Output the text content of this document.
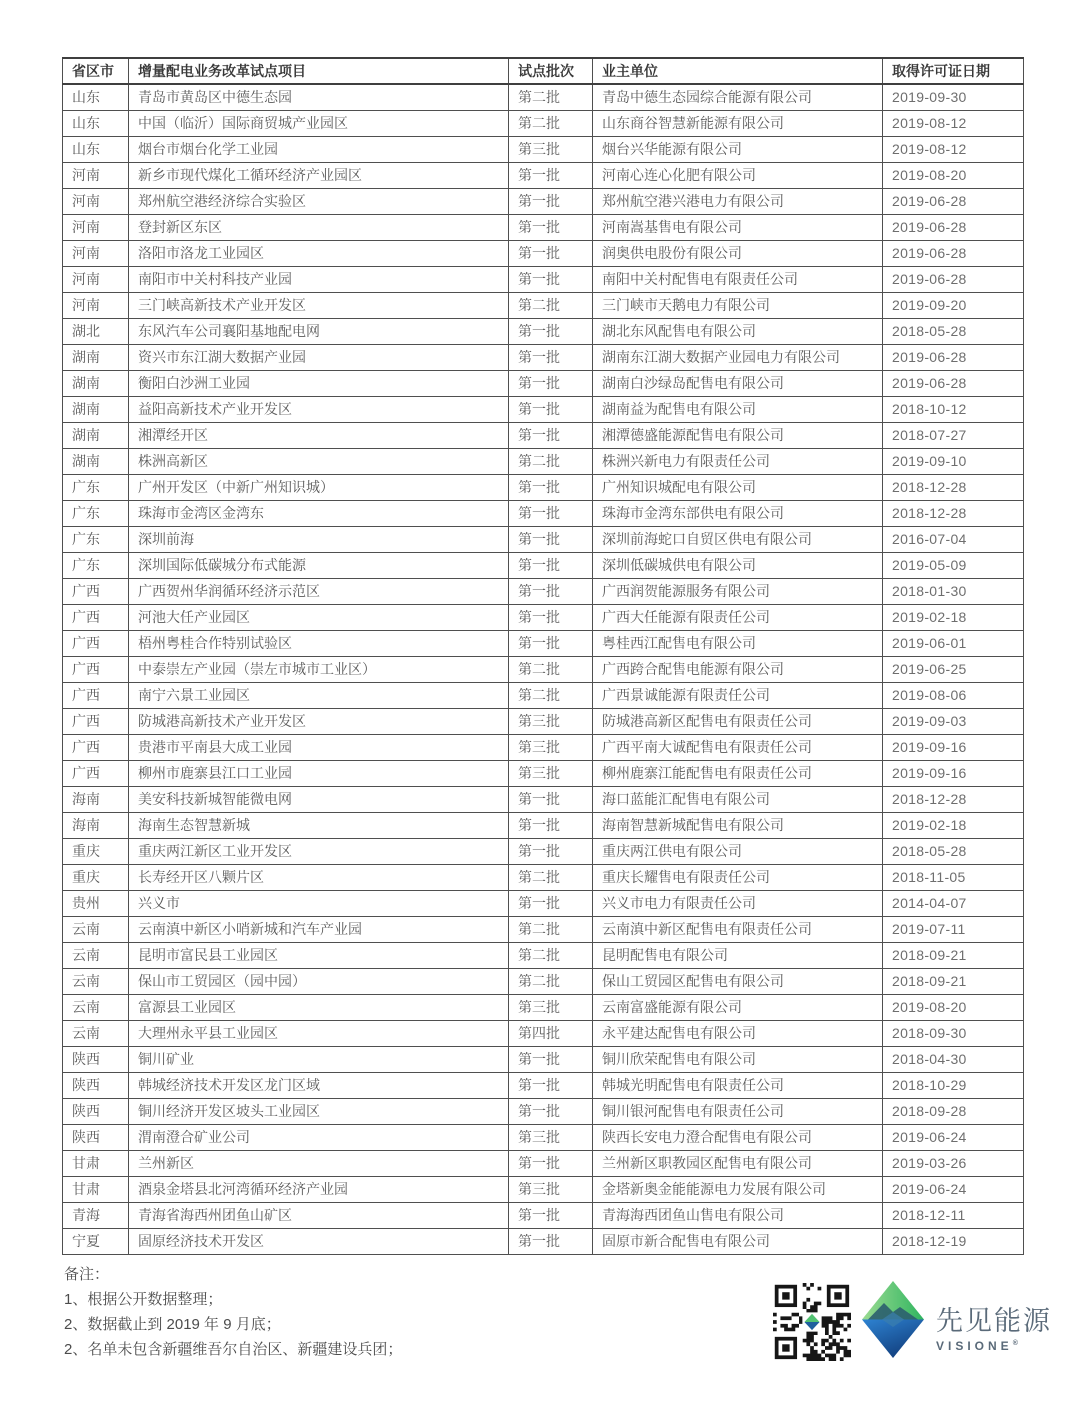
省区市	增量配电业务改革试点项目	试点批次	业主单位	取得许可证日期
山东	青岛市黄岛区中德生态园	第二批	青岛中德生态园综合能源有限公司	2019-09-30
山东	中国（临沂）国际商贸城产业园区	第二批	山东商谷智慧新能源有限公司	2019-08-12
山东	烟台市烟台化学工业园	第三批	烟台兴华能源有限公司	2019-08-12
河南	新乡市现代煤化工循环经济产业园区	第一批	河南心连心化肥有限公司	2019-08-20
河南	郑州航空港经济综合实验区	第一批	郑州航空港兴港电力有限公司	2019-06-28
河南	登封新区东区	第一批	河南嵩基售电有限公司	2019-06-28
河南	洛阳市洛龙工业园区	第一批	润奥供电股份有限公司	2019-06-28
河南	南阳市中关村科技产业园	第一批	南阳中关村配售电有限责任公司	2019-06-28
河南	三门峡高新技术产业开发区	第二批	三门峡市天鹅电力有限公司	2019-09-20
湖北	东风汽车公司襄阳基地配电网	第一批	湖北东风配售电有限公司	2018-05-28
湖南	资兴市东江湖大数据产业园	第一批	湖南东江湖大数据产业园电力有限公司	2019-06-28
湖南	衡阳白沙洲工业园	第一批	湖南白沙绿岛配售电有限公司	2019-06-28
湖南	益阳高新技术产业开发区	第一批	湖南益为配售电有限公司	2018-10-12
湖南	湘潭经开区	第一批	湘潭德盛能源配售电有限公司	2018-07-27
湖南	株洲高新区	第二批	株洲兴新电力有限责任公司	2019-09-10
广东	广州开发区（中新广州知识城）	第一批	广州知识城配电有限公司	2018-12-28
广东	珠海市金湾区金湾东	第一批	珠海市金湾东部供电有限公司	2018-12-28
广东	深圳前海	第一批	深圳前海蛇口自贸区供电有限公司	2016-07-04
广东	深圳国际低碳城分布式能源	第一批	深圳低碳城供电有限公司	2019-05-09
广西	广西贺州华润循环经济示范区	第一批	广西润贺能源服务有限公司	2018-01-30
广西	河池大任产业园区	第一批	广西大任能源有限责任公司	2019-02-18
广西	梧州粤桂合作特别试验区	第一批	粤桂西江配售电有限公司	2019-06-01
广西	中泰崇左产业园（崇左市城市工业区）	第二批	广西跨合配售电能源有限公司	2019-06-25
广西	南宁六景工业园区	第二批	广西景诚能源有限责任公司	2019-08-06
广西	防城港高新技术产业开发区	第三批	防城港高新区配售电有限责任公司	2019-09-03
广西	贵港市平南县大成工业园	第三批	广西平南大诚配售电有限责任公司	2019-09-16
广西	柳州市鹿寨县江口工业园	第三批	柳州鹿寨江能配售电有限责任公司	2019-09-16
海南	美安科技新城智能微电网	第一批	海口蓝能汇配售电有限公司	2018-12-28
海南	海南生态智慧新城	第一批	海南智慧新城配售电有限公司	2019-02-18
重庆	重庆两江新区工业开发区	第一批	重庆两江供电有限公司	2018-05-28
重庆	长寿经开区八颗片区	第二批	重庆长耀售电有限责任公司	2018-11-05
贵州	兴义市	第一批	兴义市电力有限责任公司	2014-04-07
云南	云南滇中新区小哨新城和汽车产业园	第二批	云南滇中新区配售电有限责任公司	2019-07-11
云南	昆明市富民县工业园区	第二批	昆明配售电有限公司	2018-09-21
云南	保山市工贸园区（园中园）	第二批	保山工贸园区配售电有限公司	2018-09-21
云南	富源县工业园区	第三批	云南富盛能源有限公司	2019-08-20
云南	大理州永平县工业园区	第四批	永平建达配售电有限公司	2018-09-30
陕西	铜川矿业	第一批	铜川欣荣配售电有限公司	2018-04-30
陕西	韩城经济技术开发区龙门区域	第一批	韩城光明配售电有限责任公司	2018-10-29
陕西	铜川经济开发区坡头工业园区	第一批	铜川银河配售电有限责任公司	2018-09-28
陕西	渭南澄合矿业公司	第三批	陕西长安电力澄合配售电有限公司	2019-06-24
甘肃	兰州新区	第一批	兰州新区职教园区配售电有限公司	2019-03-26
甘肃	酒泉金塔县北河湾循环经济产业园	第三批	金塔新奥金能能源电力发展有限公司	2019-06-24
青海	青海省海西州团鱼山矿区	第一批	青海海西团鱼山售电有限公司	2018-12-11
宁夏	固原经济技术开发区	第一批	固原市新合配售电有限公司	2018-12-19
备注：
1、根据公开数据整理；
2、数据截止到 2019 年 9 月底；
2、名单未包含新疆维吾尔自治区、新疆建设兵团；
先见能源
VISIONE®
